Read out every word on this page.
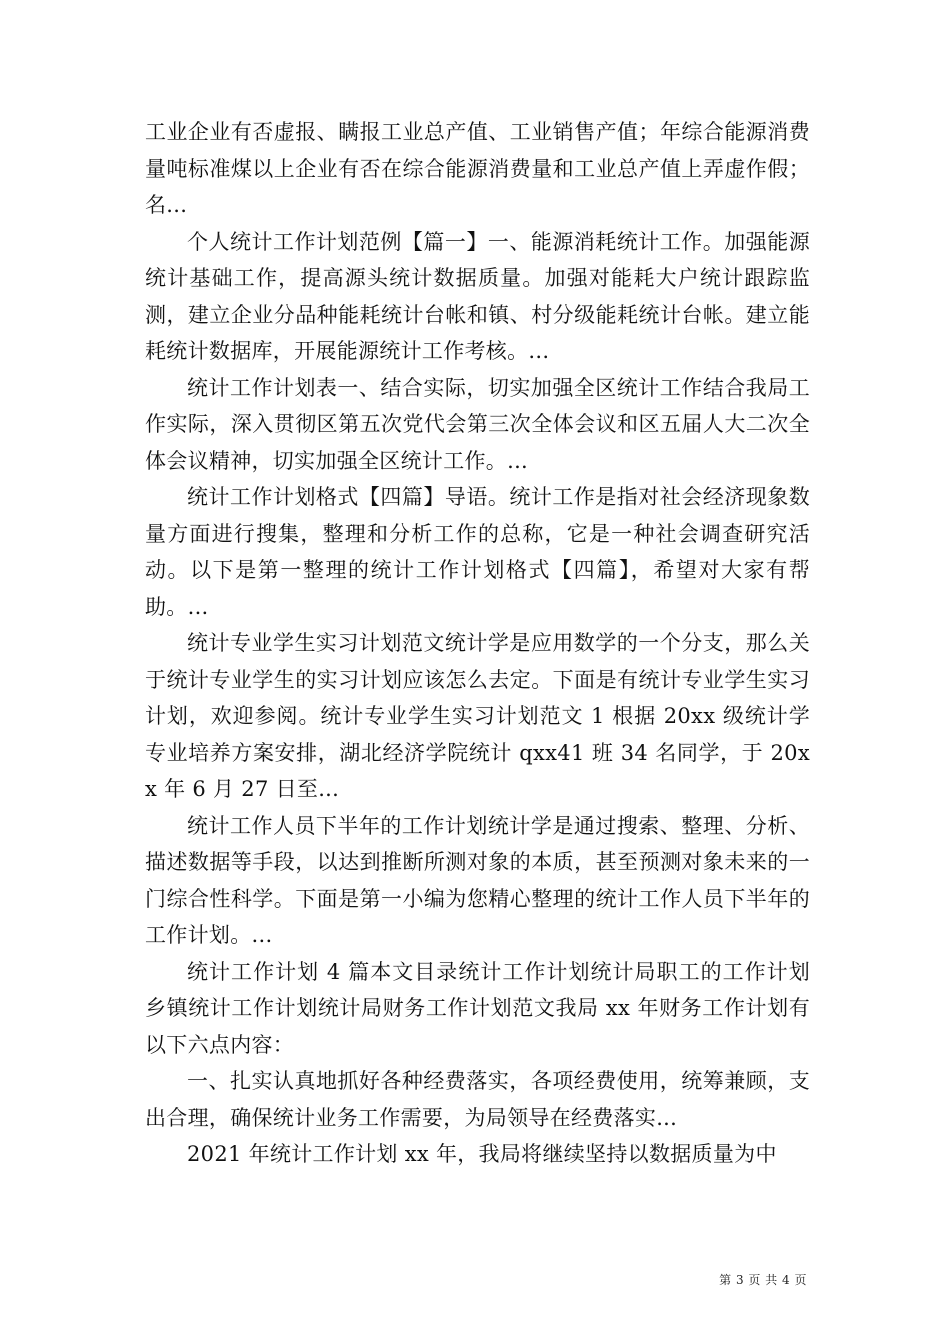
工业企业有否虚报、瞒报工业总产值、工业销售产值；年综合能源消费量吨标准煤以上企业有否在综合能源消费量和工业总产值上弄虚作假；名...

个人统计工作计划范例【篇一】一、能源消耗统计工作。加强能源统计基础工作，提高源头统计数据质量。加强对能耗大户统计跟踪监测，建立企业分品种能耗统计台帐和镇、村分级能耗统计台帐。建立能耗统计数据库，开展能源统计工作考核。...

统计工作计划表一、结合实际，切实加强全区统计工作结合我局工作实际，深入贯彻区第五次党代会第三次全体会议和区五届人大二次全体会议精神，切实加强全区统计工作。...

统计工作计划格式【四篇】导语。统计工作是指对社会经济现象数量方面进行搜集，整理和分析工作的总称，它是一种社会调查研究活动。以下是第一整理的统计工作计划格式【四篇】，希望对大家有帮助。...

统计专业学生实习计划范文统计学是应用数学的一个分支，那么关于统计专业学生的实习计划应该怎么去定。下面是有统计专业学生实习计划，欢迎参阅。统计专业学生实习计划范文 1 根据 20xx 级统计学专业培养方案安排，湖北经济学院统计 qxx41 班 34 名同学，于 20xx 年 6 月 27 日至...

统计工作人员下半年的工作计划统计学是通过搜索、整理、分析、描述数据等手段，以达到推断所测对象的本质，甚至预测对象未来的一门综合性科学。下面是第一小编为您精心整理的统计工作人员下半年的工作计划。...

统计工作计划 4 篇本文目录统计工作计划统计局职工的工作计划乡镇统计工作计划统计局财务工作计划范文我局 xx 年财务工作计划有以下六点内容：

一、扎实认真地抓好各种经费落实，各项经费使用，统筹兼顾，支出合理，确保统计业务工作需要，为局领导在经费落实...

2021 年统计工作计划 xx 年，我局将继续坚持以数据质量为中

第 3 页 共 4 页
